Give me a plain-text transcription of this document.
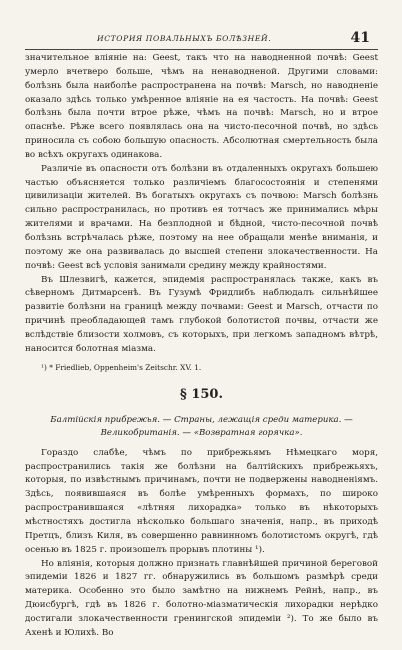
ИСТОРИЯ ПОВАЛЬНЫХЪ БОЛѢЗНЕЙ.	41

значительное вліяніе на: Geest, такъ что на наводненной почвѣ: Geest умерло вчетверо больше, чѣмъ на ненаводненой. Другими словами: болѣзнь была наиболѣе распространена на почвѣ: Marsch, но наводненіе оказало здѣсь только умѣренное вліяніе на ея частость. На почвѣ: Geest болѣзнь была почти втрое рѣже, чѣмъ на почвѣ: Marsch, но и втрое опаснѣе. Рѣже всего появлялась она на чисто-песочной почвѣ, но здѣсь приносила съ собою большую опасность. Абсолютная смертельность была во всѣхъ округахъ одинакова.

Различіе въ опасности отъ болѣзни въ отдаленныхъ округахъ большею частью объясняется только различіемъ благосостоянія и степенями цивилизаціи жителей. Въ богатыхъ округахъ съ почвою: Marsch болѣзнь сильно распространилась, но противъ ея тотчасъ же принимались мѣры жителями и врачами. На безплодной и бѣдной, чисто-песочной почвѣ болѣзнь встрѣчалась рѣже, поэтому на нее обращали менѣе вниманія, и поэтому же она развивалась до высшей степени злокачественности. На почвѣ: Geest всѣ условія занимали средину между крайностями.

Въ Шлезвигѣ, кажется, эпидемія распространялась также, какъ въ сѣверномъ Дитмарсенѣ. Въ Гузумѣ Фридлибъ наблюдалъ сильнѣйшее развитіе болѣзни на границѣ между почвами: Geest и Marsch, отчасти по причинѣ преобладающей тамъ глубокой болотистой почвы, отчасти же вслѣдствіе близости холмовъ, съ которыхъ, при легкомъ западномъ вѣтрѣ, наносится болотная міазма.

¹) * Friedlieb, Oppenheim's Zeitschr. XV. 1.

§ 150.

Балтійскія прибрежья. — Страны, лежащія среди материка. — Великобританія. — «Возвратная горячка».

Гораздо слабѣе, чѣмъ по прибрежьямъ Нѣмецкаго моря, распространились такія же болѣзни на балтійскихъ прибрежьяхъ, которыя, по извѣстнымъ причинамъ, почти не подвержены наводненіямъ. Здѣсь, появившаяся въ болѣе умѣренныхъ формахъ, по широко распространившаяся «лѣтняя лихорадка» только въ нѣкоторыхъ мѣстностяхъ достигла нѣсколько большаго значенія, напр., въ приходѣ Претцъ, близъ Киля, въ совершенно равнинномъ болотистомъ округѣ, гдѣ осенью въ 1825 г. произошелъ прорывъ плотины ¹).

Но вліянія, которыя должно признать главнѣйшей причиной береговой эпидеміи 1826 и 1827 гг. обнаружились въ большомъ размѣрѣ среди материка. Особенно это было замѣтно на нижнемъ Рейнѣ, напр., въ Дюисбургѣ, гдѣ въ 1826 г. болотно-міазматическія лихорадки нерѣдко достигали злокачественности гренингской эпидеміи ²). То же было въ Ахенѣ и Юлихѣ. Во
